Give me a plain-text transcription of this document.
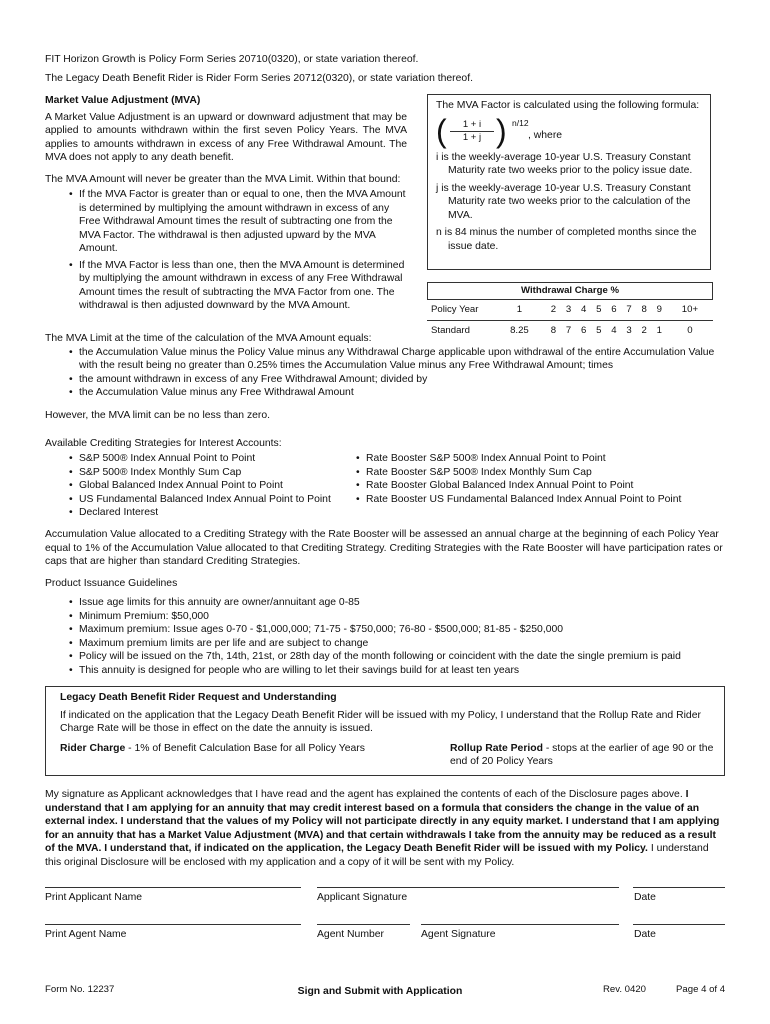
FIT Horizon Growth is Policy Form Series 20710(0320), or state variation thereof.

The Legacy Death Benefit Rider is Rider Form Series 20712(0320), or state variation thereof.

Market Value Adjustment (MVA)

A Market Value Adjustment is an upward or downward adjustment that may be applied to amounts withdrawn within the first seven Policy Years. The MVA applies to amounts withdrawn in excess of any Free Withdrawal Amount. The MVA does not apply to any death benefit.

The MVA Amount will never be greater than the MVA Limit. Within that bound:

• If the MVA Factor is greater than or equal to one, then the MVA Amount is determined by multiplying the amount withdrawn in excess of any Free Withdrawal Amount times the result of subtracting one from the MVA Factor. The withdrawal is then adjusted upward by the MVA Amount.
• If the MVA Factor is less than one, then the MVA Amount is determined by multiplying the amount withdrawn in excess of any Free Withdrawal Amount times the result of subtracting the MVA Factor from one. The withdrawal is then adjusted downward by the MVA Amount.

The MVA Factor is calculated using the following formula:

( $\frac{1 + i}{1 + j}$ ) n/12
, where

i is the weekly-average 10-year U.S. Treasury Constant Maturity rate two weeks prior to the policy issue date.

j is the weekly-average 10-year U.S. Treasury Constant Maturity rate two weeks prior to the calculation of the MVA.

n is 84 minus the number of completed months since the issue date.

Withdrawal Charge %
Policy Year	1	2	3	4	5	6	7	8	9	10+
Standard	8.25	8	7	6	5	4	3	2	1	0

The MVA Limit at the time of the calculation of the MVA Amount equals:

• the Accumulation Value minus the Policy Value minus any Withdrawal Charge applicable upon withdrawal of the entire Accumulation Value with the result being no greater than 0.25% times the Accumulation Value minus any Free Withdrawal Amount; times
• the amount withdrawn in excess of any Free Withdrawal Amount; divided by
• the Accumulation Value minus any Free Withdrawal Amount

However, the MVA limit can be no less than zero.

Available Crediting Strategies for Interest Accounts:

• S&P 500® Index Annual Point to Point
• S&P 500® Index Monthly Sum Cap
• Global Balanced Index Annual Point to Point
• US Fundamental Balanced Index Annual Point to Point
• Declared Interest
• Rate Booster S&P 500® Index Annual Point to Point
• Rate Booster S&P 500® Index Monthly Sum Cap
• Rate Booster Global Balanced Index Annual Point to Point
• Rate Booster US Fundamental Balanced Index Annual Point to Point

Accumulation Value allocated to a Crediting Strategy with the Rate Booster will be assessed an annual charge at the beginning of each Policy Year equal to 1% of the Accumulation Value allocated to that Crediting Strategy. Crediting Strategies with the Rate Booster will have participation rates or caps that are higher than standard Crediting Strategies.

Product Issuance Guidelines

• Issue age limits for this annuity are owner/annuitant age 0-85
• Minimum Premium: $50,000
• Maximum premium: Issue ages 0-70 - $1,000,000; 71-75 - $750,000; 76-80 - $500,000; 81-85 - $250,000
• Maximum premium limits are per life and are subject to change
• Policy will be issued on the 7th, 14th, 21st, or 28th day of the month following or coincident with the date the single premium is paid
• This annuity is designed for people who are willing to let their savings build for at least ten years

Legacy Death Benefit Rider Request and Understanding

If indicated on the application that the Legacy Death Benefit Rider will be issued with my Policy, I understand that the Rollup Rate and Rider Charge Rate will be those in effect on the date the annuity is issued.

Rider Charge - 1% of Benefit Calculation Base for all Policy Years	Rollup Rate Period - stops at the earlier of age 90 or the end of 20 Policy Years

My signature as Applicant acknowledges that I have read and the agent has explained the contents of each of the Disclosure pages above. I understand that I am applying for an annuity that may credit interest based on a formula that considers the change in the value of an external index. I understand that the values of my Policy will not participate directly in any equity market. I understand that I am applying for an annuity that has a Market Value Adjustment (MVA) and that certain withdrawals I take from the annuity may be reduced as a result of the MVA. I understand that, if indicated on the application, the Legacy Death Benefit Rider will be issued with my Policy. I understand this original Disclosure will be enclosed with my application and a copy of it will be sent with my Policy.

Print Applicant Name	Applicant Signature	Date

Print Agent Name	Agent Number	Agent Signature	Date

Form No. 12237	Sign and Submit with Application	Rev. 0420	Page 4 of 4
